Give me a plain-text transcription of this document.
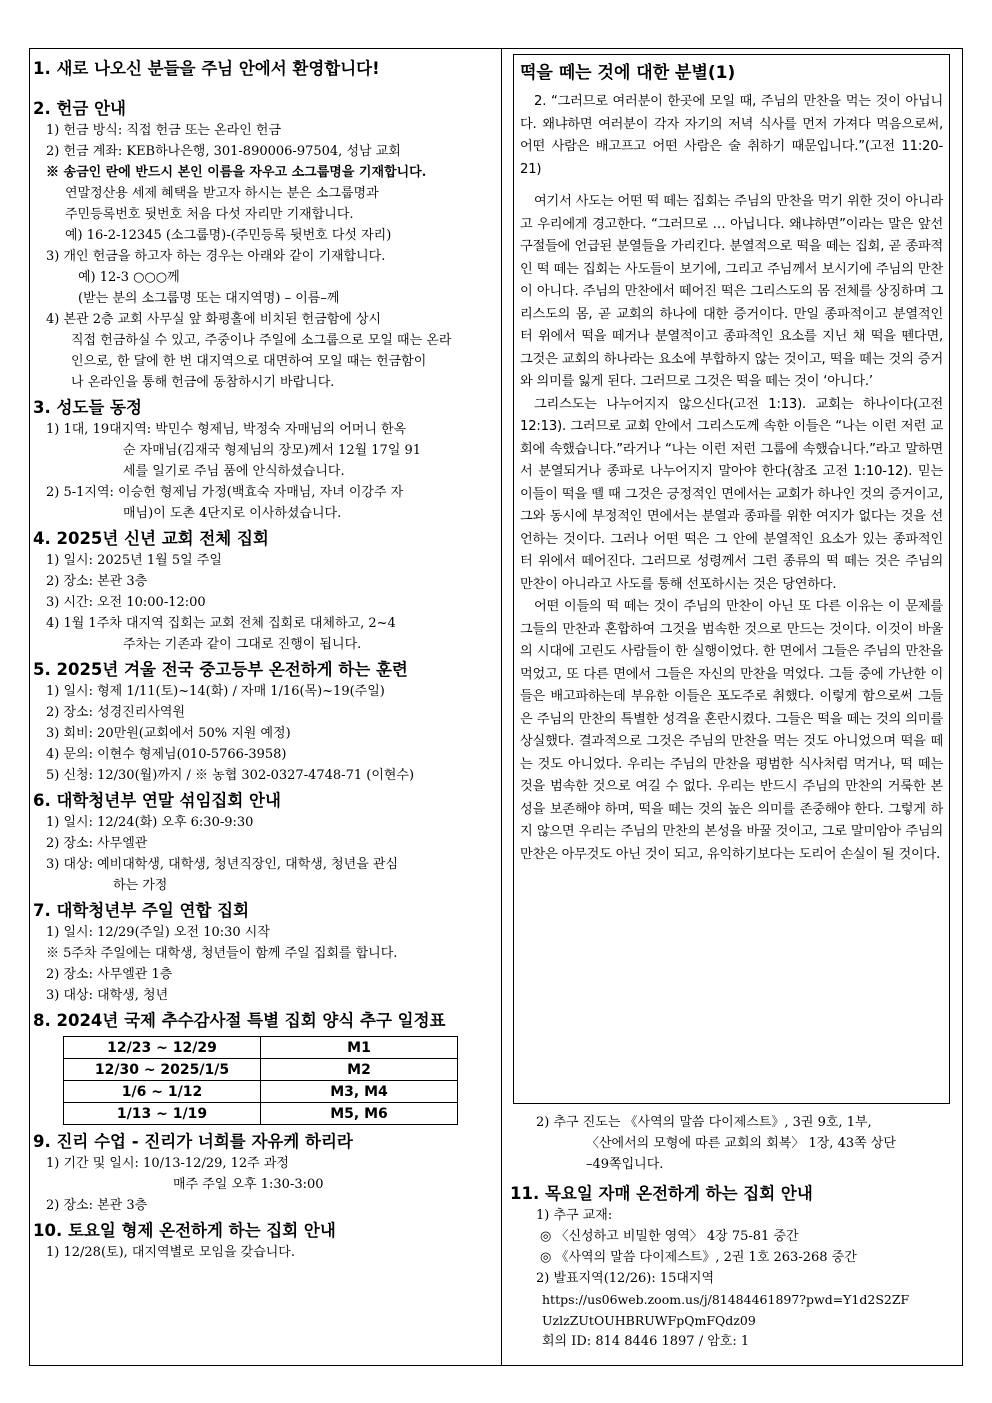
1. 새로 나오신 분들을 주님 안에서 환영합니다!

2. 헌금 안내

1) 헌금 방식: 직접 헌금 또는 온라인 헌금

2) 헌금 계좌: KEB하나은행, 301-890006-97504, 성남 교회

※ 송금인 란에 반드시 본인 이름을 자우고 소그룹명을 기재합니다.

연말정산용 세제 혜택을 받고자 하시는 분은 소그룹명과

주민등록번호 뒷번호 처음 다섯 자리만 기재합니다.

예) 16-2-12345 (소그룹명)-(주민등록 뒷번호 다섯 자리)

3) 개인 헌금을 하고자 하는 경우는 아래와 같이 기재합니다.

예) 12-3 ○○○께

(받는 분의 소그룹명 또는 대지역명) – 이름–께

4) 본관 2층 교회 사무실 앞 화평홀에 비치된 헌금함에 상시

직접 헌금하실 수 있고, 주중이나 주일에 소그룹으로 모일 때는 온라

인으로, 한 달에 한 번 대지역으로 대면하여 모일 때는 헌금함이

나 온라인을 통해 헌금에 동참하시기 바랍니다.

3. 성도들 동정

1) 1대, 19대지역: 박민수 형제님, 박정숙 자매님의 어머니 한옥

순 자매님(김재국 형제님의 장모)께서 12월 17일 91

세를 일기로 주님 품에 안식하셨습니다.

2) 5-1지역: 이승헌 형제님 가정(백효숙 자매님, 자녀 이강주 자

매님)이 도촌 4단지로 이사하셨습니다.

4. 2025년 신년 교회 전체 집회

1) 일시: 2025년 1월 5일 주일

2) 장소: 본관 3층

3) 시간: 오전 10:00-12:00

4) 1월 1주차 대지역 집회는 교회 전체 집회로 대체하고, 2~4

주차는 기존과 같이 그대로 진행이 됩니다.

5. 2025년 겨울 전국 중고등부 온전하게 하는 훈련

1) 일시: 형제 1/11(토)~14(화) / 자매 1/16(목)~19(주일)

2) 장소: 성경진리사역원

3) 회비: 20만원(교회에서 50% 지원 예정)

4) 문의: 이현수 형제님(010-5766-3958)

5) 신청: 12/30(월)까지 / ※ 농협 302-0327-4748-71 (이현수)

6. 대학청년부 연말 섞임집회 안내

1) 일시: 12/24(화) 오후 6:30-9:30

2) 장소: 사무엘관

3) 대상: 예비대학생, 대학생, 청년직장인, 대학생, 청년을 관심

하는 가정

7. 대학청년부 주일 연합 집회

1) 일시: 12/29(주일) 오전 10:30 시작

※ 5주차 주일에는 대학생, 청년들이 함께 주일 집회를 합니다.

2) 장소: 사무엘관 1층

3) 대상: 대학생, 청년

8. 2024년 국제 추수감사절 특별 집회 양식 추구 일정표

12/23 ~ 12/29	M1
12/30 ~ 2025/1/5	M2
1/6 ~ 1/12	M3, M4
1/13 ~ 1/19	M5, M6

9. 진리 수업 - 진리가 너희를 자유케 하리라

1) 기간 및 일시: 10/13-12/29, 12주 과정

매주 주일 오후 1:30-3:00

2) 장소: 본관 3층

10. 토요일 형제 온전하게 하는 집회 안내

1) 12/28(토), 대지역별로 모임을 갖습니다.

떡을 떼는 것에 대한 분별(1)

2. “그러므로 여러분이 한곳에 모일 때, 주님의 만찬을 먹는 것이 아닙니다. 왜냐하면 여러분이 각자 자기의 저녁 식사를 먼저 가져다 먹음으로써, 어떤 사람은 배고프고 어떤 사람은 술 취하기 때문입니다.”(고전 11:20-21)

여기서 사도는 어떤 떡 떼는 집회는 주님의 만찬을 먹기 위한 것이 아니라고 우리에게 경고한다. “그러므로 … 아닙니다. 왜냐하면”이라는 말은 앞선 구절들에 언급된 분열들을 가리킨다. 분열적으로 떡을 떼는 집회, 곧 종파적인 떡 떼는 집회는 사도들이 보기에, 그리고 주님께서 보시기에 주님의 만찬이 아니다. 주님의 만찬에서 떼어진 떡은 그리스도의 몸 전체를 상징하며 그리스도의 몸, 곧 교회의 하나에 대한 증거이다. 만일 종파적이고 분열적인 터 위에서 떡을 떼거나 분열적이고 종파적인 요소를 지닌 채 떡을 뗀다면, 그것은 교회의 하나라는 요소에 부합하지 않는 것이고, 떡을 떼는 것의 증거와 의미를 잃게 된다. 그러므로 그것은 떡을 떼는 것이 ‘아니다.’

그리스도는 나누어지지 않으신다(고전 1:13). 교회는 하나이다(고전 12:13). 그러므로 교회 안에서 그리스도께 속한 이들은 “나는 이런 저런 교회에 속했습니다.”라거나 “나는 이런 저런 그룹에 속했습니다.”라고 말하면서 분열되거나 종파로 나누어지지 말아야 한다(참조 고전 1:10-12). 믿는 이들이 떡을 뗄 때 그것은 긍정적인 면에서는 교회가 하나인 것의 증거이고, 그와 동시에 부정적인 면에서는 분열과 종파를 위한 여지가 없다는 것을 선언하는 것이다. 그러나 어떤 떡은 그 안에 분열적인 요소가 있는 종파적인 터 위에서 떼어진다. 그러므로 성령께서 그런 종류의 떡 떼는 것은 주님의 만찬이 아니라고 사도를 통해 선포하시는 것은 당연하다.

어떤 이들의 떡 떼는 것이 주님의 만찬이 아닌 또 다른 이유는 이 문제를 그들의 만찬과 혼합하여 그것을 범속한 것으로 만드는 것이다. 이것이 바울의 시대에 고린도 사람들이 한 실행이었다. 한 면에서 그들은 주님의 만찬을 먹었고, 또 다른 면에서 그들은 자신의 만찬을 먹었다. 그들 중에 가난한 이들은 배고파하는데 부유한 이들은 포도주로 취했다. 이렇게 함으로써 그들은 주님의 만찬의 특별한 성격을 혼란시켰다. 그들은 떡을 떼는 것의 의미를 상실했다. 결과적으로 그것은 주님의 만찬을 먹는 것도 아니었으며 떡을 떼는 것도 아니었다. 우리는 주님의 만찬을 평범한 식사처럼 먹거나, 떡 떼는 것을 범속한 것으로 여길 수 없다. 우리는 반드시 주님의 만찬의 거룩한 본성을 보존해야 하며, 떡을 떼는 것의 높은 의미를 존중해야 한다. 그렇게 하지 않으면 우리는 주님의 만찬의 본성을 바꿀 것이고, 그로 말미암아 주님의 만찬은 아무것도 아닌 것이 되고, 유익하기보다는 도리어 손실이 될 것이다.

2) 추구 진도는 《사역의 말씀 다이제스트》, 3권 9호, 1부,

〈산에서의 모형에 따른 교회의 회복〉 1장, 43쪽 상단

–49쪽입니다.

11. 목요일 자매 온전하게 하는 집회 안내

1) 추구 교재:

◎ 〈신성하고 비밀한 영역〉 4장 75-81 중간

◎ 《사역의 말씀 다이제스트》, 2권 1호 263-268 중간

2) 발표지역(12/26): 15대지역

https://us06web.zoom.us/j/81484461897?pwd=Y1d2S2ZF

UzlzZUtOUHBRUWFpQmFQdz09

회의 ID: 814 8446 1897 / 암호: 1
